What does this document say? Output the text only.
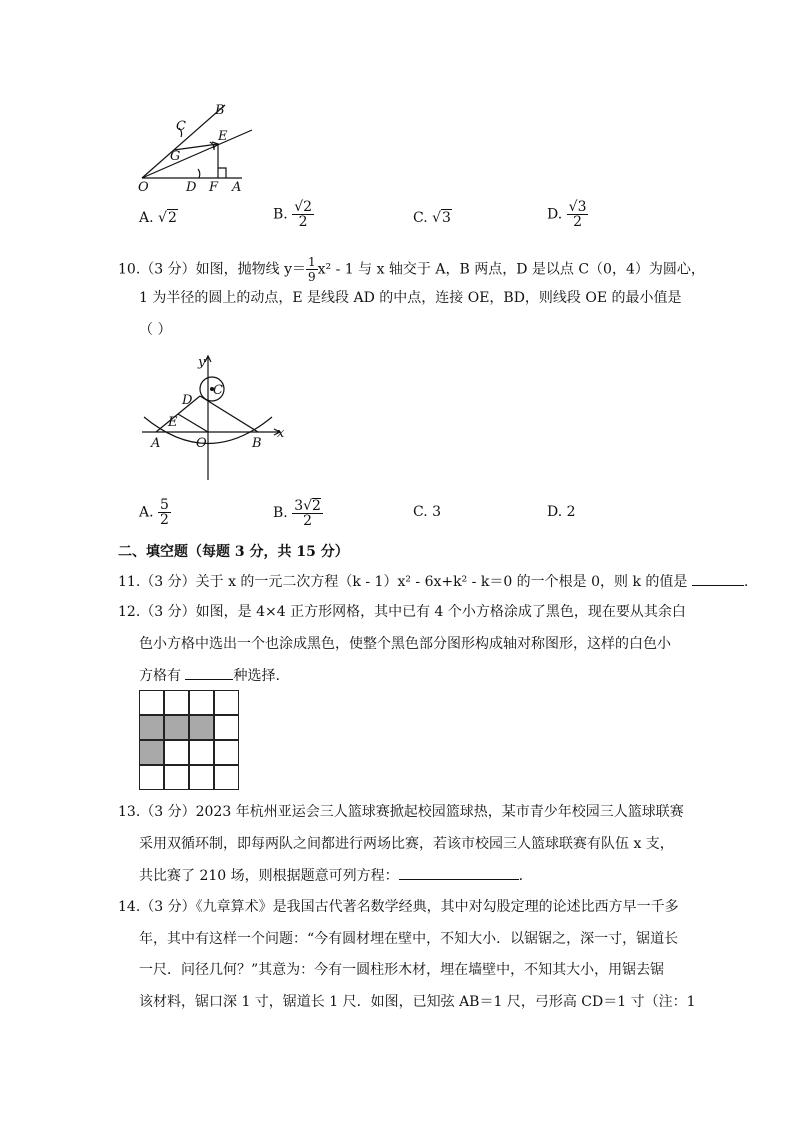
B
C
E
G
O	D F A
A. √2	B. $\frac{√2}{2}$	C. √3	D. $\frac{√3}{2}$
10.（3 分）如图，抛物线 $y= \frac{1}{9} x^2 - 1$ 与 x 轴交于 A，B 两点，D 是以点 C（0，4）为圆心，
1 为半径的圆上的动点，E 是线段 AD 的中点，连接 OE，BD，则线段 OE 的最小值是
（ ）
y
C
D
E
A	O	B
x
A. $\frac{5}{2}$	B. $\frac{3√2}{2}$	C. 3	D. 2
二、填空题（每题 3 分，共 15 分）
11.（3 分）关于 x 的一元二次方程（k - 1）x² - 6x+k² - k＝0 的一个根是 0，则 k 的值是	.
12.（3 分）如图，是 4×4 正方形网格，其中已有 4 个小方格涂成了黑色，现在要从其余白
色小方格中选出一个也涂成黑色，使整个黑色部分图形构成轴对称图形，这样的白色小
方格有	种选择.
13.（3 分）2023 年杭州亚运会三人篮球赛掀起校园篮球热，某市青少年校园三人篮球联赛
采用双循环制，即每两队之间都进行两场比赛，若该市校园三人篮球联赛有队伍 x 支，
共比赛了 210 场，则根据题意可列方程：	.
14.（3 分）《九章算术》是我国古代著名数学经典，其中对勾股定理的论述比西方早一千多
年，其中有这样一个问题：“今有圆材埋在壁中，不知大小．以锯锯之，深一寸，锯道长
一尺．问径几何？”其意为：今有一圆柱形木材，埋在墙壁中，不知其大小，用锯去锯
该材料，锯口深 1 寸，锯道长 1 尺．如图，已知弦 AB＝1 尺，弓形高 CD＝1 寸（注：1
